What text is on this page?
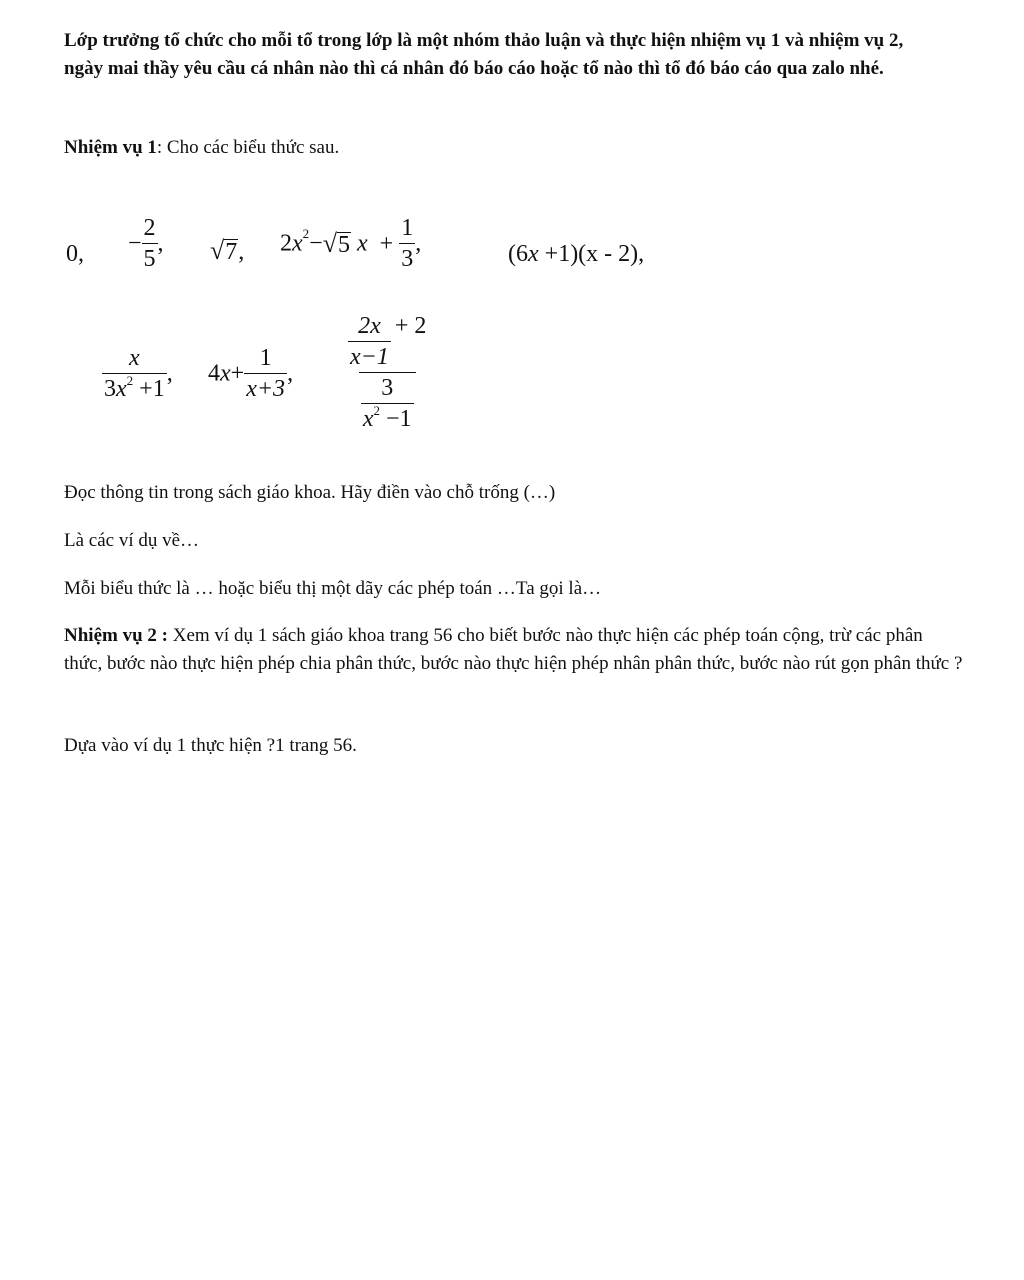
Lớp trưởng tổ chức cho mỗi tổ trong lớp là một nhóm thảo luận và thực hiện nhiệm vụ 1 và nhiệm vụ 2, ngày mai thầy yêu cầu cá nhân nào thì cá nhân đó báo cáo hoặc tổ nào thì tổ đó báo cáo qua zalo nhé.

Nhiệm vụ 1: Cho các biểu thức sau.

0, − $\frac{2}{5}$ , √ 7 , $2x^2-$ √ 5 $x + \frac{1}{3}$ ,	(6x +1)(x - 2),
$\frac{x}{3x^2 +1}$ , $4x+ \frac{1}{x+3}$ , $\frac{\frac{2x}{x-1} + 2}{\frac{3}{x^2 -1}}$

Đọc thông tin trong sách giáo khoa. Hãy điền vào chỗ trống (…)

Là các ví dụ về…

Mỗi biểu thức là … hoặc biểu thị một dãy các phép toán …Ta gọi là…

Nhiệm vụ 2 : Xem ví dụ 1 sách giáo khoa trang 56 cho biết bước nào thực hiện các phép toán cộng, trừ các phân thức, bước nào thực hiện phép chia phân thức, bước nào thực hiện phép nhân phân thức, bước nào rút gọn phân thức ?

Dựa vào ví dụ 1 thực hiện ?1 trang 56.
